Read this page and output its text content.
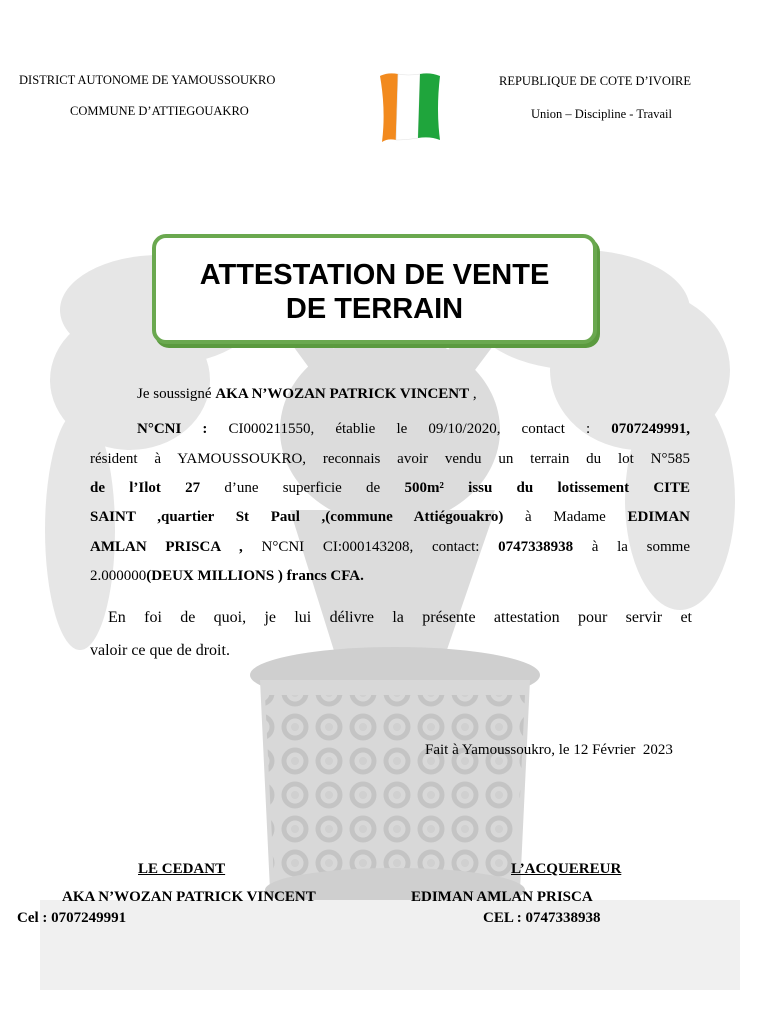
DISTRICT AUTONOME DE YAMOUSSOUKRO
COMMUNE D’ATTIEGOUAKRO
REPUBLIQUE DE COTE D’IVOIRE
Union – Discipline - Travail
ATTESTATION DE VENTE
DE TERRAIN
Je soussigné AKA N’WOZAN PATRICK VINCENT ,
N°CNI : CI000211550, établie le 09/10/2020, contact : 0707249991,
résident à YAMOUSSOUKRO, reconnais avoir vendu un terrain du lot N°585
de l’Ilot 27 d’une superficie de 500m² issu du lotissement CITE
SAINT ,quartier St Paul ,(commune Attiégouakro) à Madame EDIMAN
AMLAN PRISCA , N°CNI CI:000143208, contact: 0747338938 à la somme
2.000000(DEUX MILLIONS ) francs CFA.
En foi de quoi, je lui délivre la présente attestation pour servir et
valoir ce que de droit.
Fait à Yamoussoukro, le 12 Février  2023
LE CEDANT	L’ACQUEREUR
AKA N’WOZAN PATRICK VINCENT	EDIMAN AMLAN PRISCA
Cel : 0707249991	CEL : 0747338938
